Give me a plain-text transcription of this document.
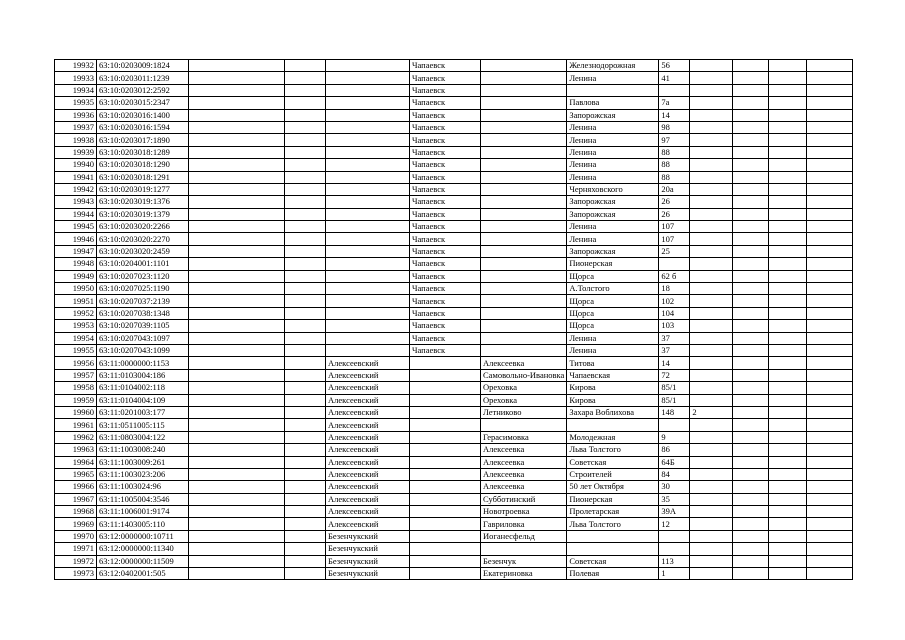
19932	63:10:0203009:1824				Чапаевск		Железнодорожная	56				
19933	63:10:0203011:1239				Чапаевск		Ленина	41				
19934	63:10:0203012:2592				Чапаевск							
19935	63:10:0203015:2347				Чапаевск		Павлова	7а				
19936	63:10:0203016:1400				Чапаевск		Запорожская	14				
19937	63:10:0203016:1594				Чапаевск		Ленина	98				
19938	63:10:0203017:1890				Чапаевск		Ленина	97				
19939	63:10:0203018:1289				Чапаевск		Ленина	88				
19940	63:10:0203018:1290				Чапаевск		Ленина	88				
19941	63:10:0203018:1291				Чапаевск		Ленина	88				
19942	63:10:0203019:1277				Чапаевск		Черняховского	20а				
19943	63:10:0203019:1376				Чапаевск		Запорожская	26				
19944	63:10:0203019:1379				Чапаевск		Запорожская	26				
19945	63:10:0203020:2266				Чапаевск		Ленина	107				
19946	63:10:0203020:2270				Чапаевск		Ленина	107				
19947	63:10:0203020:2459				Чапаевск		Запорожская	25				
19948	63:10:0204001:1101				Чапаевск		Пионерская					
19949	63:10:0207023:1120				Чапаевск		Щорса	62 б				
19950	63:10:0207025:1190				Чапаевск		А.Толстого	18				
19951	63:10:0207037:2139				Чапаевск		Щорса	102				
19952	63:10:0207038:1348				Чапаевск		Щорса	104				
19953	63:10:0207039:1105				Чапаевск		Щорса	103				
19954	63:10:0207043:1097				Чапаевск		Ленина	37				
19955	63:10:0207043:1099				Чапаевск		Ленина	37				
19956	63:11:0000000:1153			Алексеевский		Алексеевка	Титова	14				
19957	63:11:0103004:186			Алексеевский		Самовольно-Ивановка	Чапаевская	72				
19958	63:11:0104002:118			Алексеевский		Ореховка	Кирова	85/1				
19959	63:11:0104004:109			Алексеевский		Ореховка	Кирова	85/1				
19960	63:11:0201003:177			Алексеевский		Летниково	Захара Воблихова	148	2			
19961	63:11:0511005:115			Алексеевский								
19962	63:11:0803004:122			Алексеевский		Герасимовка	Молодежная	9				
19963	63:11:1003008:240			Алексеевский		Алексеевка	Льва Толстого	86				
19964	63:11:1003009:261			Алексеевский		Алексеевка	Советская	64Б				
19965	63:11:1003023:206			Алексеевский		Алексеевка	Строителей	84				
19966	63:11:1003024:96			Алексеевский		Алексеевка	50 лет Октября	30				
19967	63:11:1005004:3546			Алексеевский		Суббoтинский	Пионерская	35				
19968	63:11:1006001:9174			Алексеевский		Новотроевка	Пролетарская	39А				
19969	63:11:1403005:110			Алексеевский		Гавриловка	Льва Толстого	12				
19970	63:12:0000000:10711			Безенчукский		Иоганесфельд						
19971	63:12:0000000:11340			Безенчукский								
19972	63:12:0000000:11509			Безенчукский		Безенчук	Советская	113				
19973	63:12:0402001:505			Безенчукский		Екатериновка	Полевая	1				
